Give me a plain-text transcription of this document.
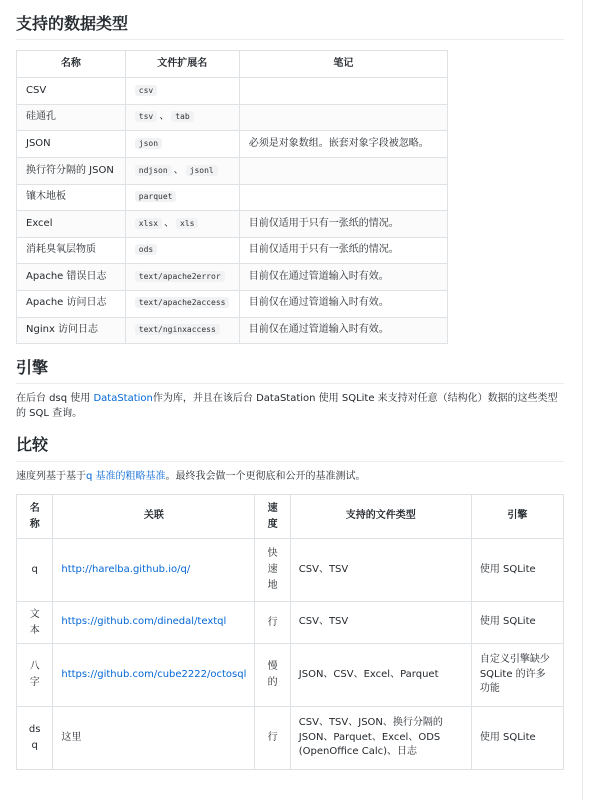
支持的数据类型
名称	文件扩展名	笔记
CSV	csv	
硅通孔	tsv 、 tab	
JSON	json	必须是对象数组。嵌套对象字段被忽略。
换行符分隔的 JSON	ndjson 、 jsonl	
镶木地板	parquet	
Excel	xlsx 、 xls	目前仅适用于只有一张纸的情况。
消耗臭氧层物质	ods	目前仅适用于只有一张纸的情况。
Apache 错误日志	text/apache2error	目前仅在通过管道输入时有效。
Apache 访问日志	text/apache2access	目前仅在通过管道输入时有效。
Nginx 访问日志	text/nginxaccess	目前仅在通过管道输入时有效。
引擎

在后台 dsq 使用 DataStation作为库，并且在该后台 DataStation 使用 SQLite 来支持对任意（结构化）数据的这些类型的 SQL 查询。

比较

速度列基于基于q 基准的粗略基准。最终我会做一个更彻底和公开的基准测试。

名称	关联	速度	支持的文件类型	引擎
q	http://harelba.github.io/q/	快速地	CSV、TSV	使用 SQLite
文本	https://github.com/dinedal/textql	行	CSV、TSV	使用 SQLite
八字	https://github.com/cube2222/octosql	慢的	JSON、CSV、Excel、Parquet	自定义引擎缺少 SQLite 的许多功能
dsq	这里	行	CSV、TSV、JSON、换行分隔的 JSON、Parquet、Excel、ODS (OpenOffice Calc)、日志	使用 SQLite
